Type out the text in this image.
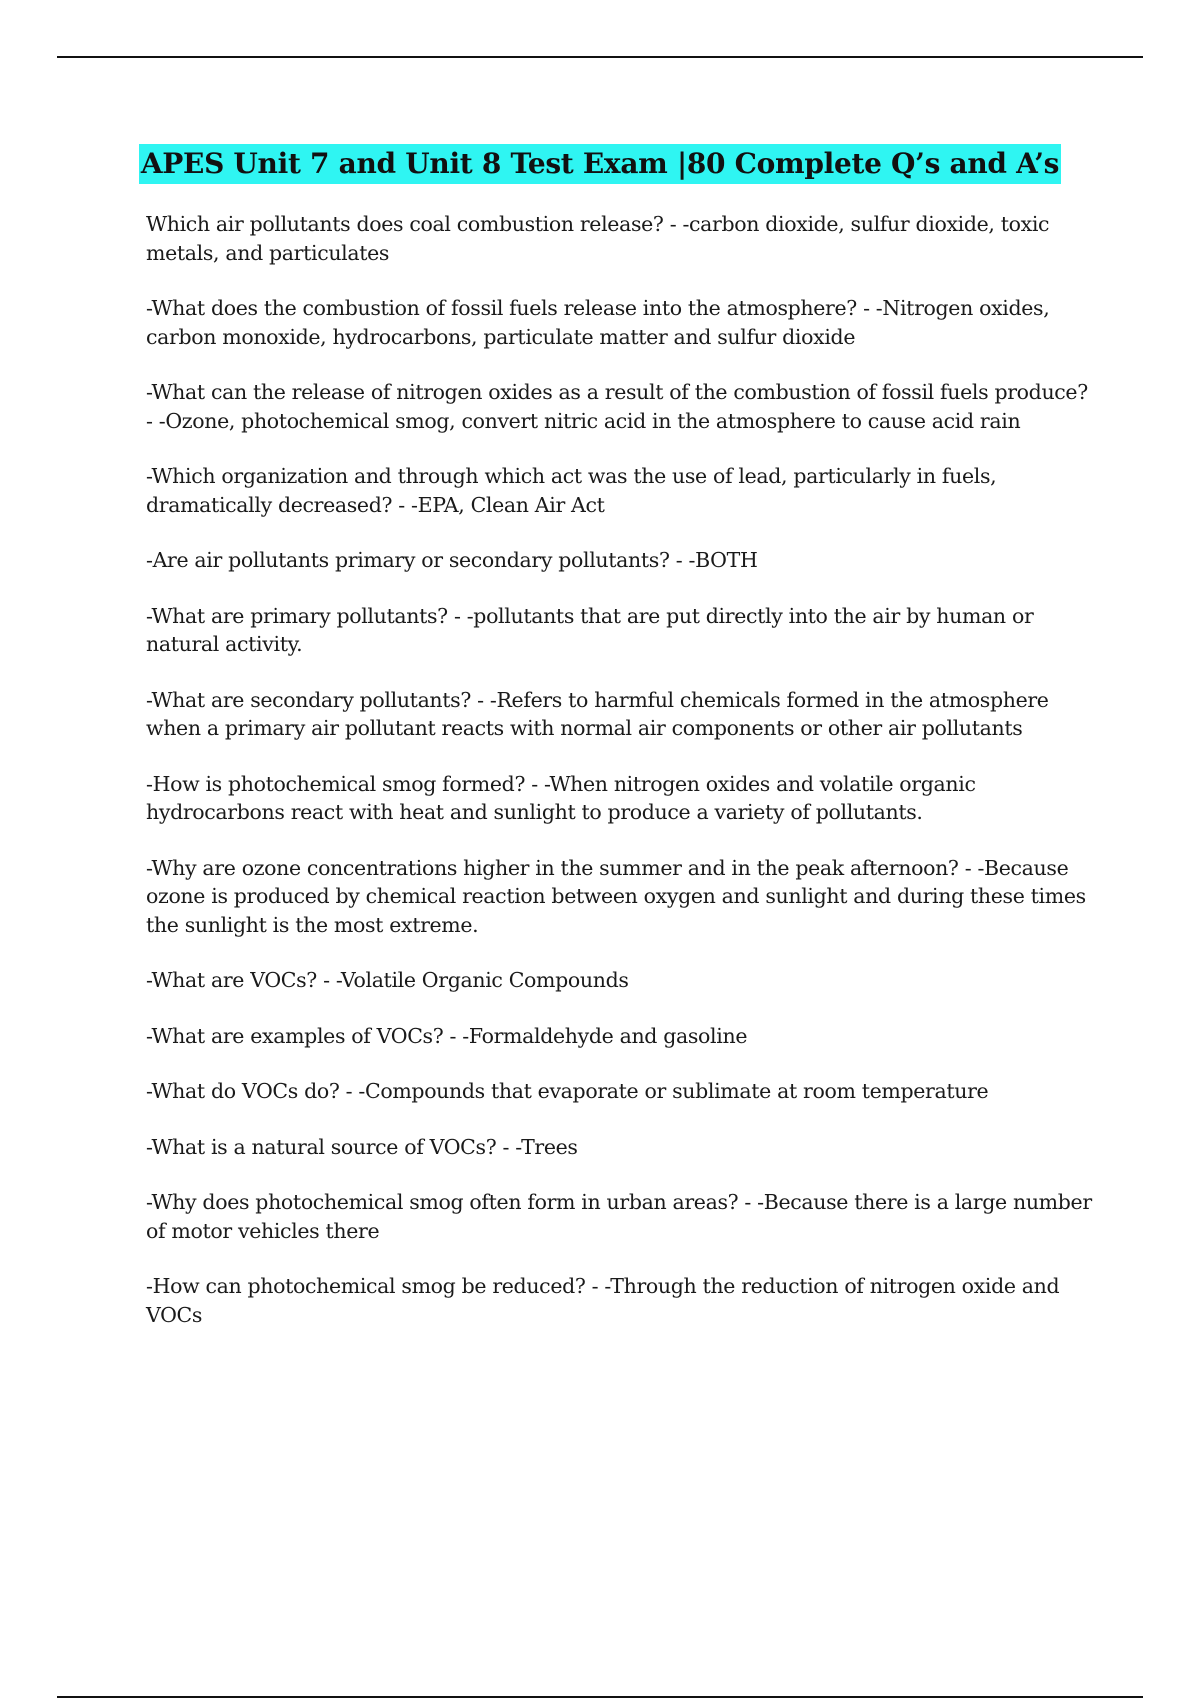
APES Unit 7 and Unit 8 Test Exam |80 Complete Q’s and A’s
Which air pollutants does coal combustion release? - -carbon dioxide, sulfur dioxide, toxic metals, and particulates
-What does the combustion of fossil fuels release into the atmosphere? - -Nitrogen oxides, carbon monoxide, hydrocarbons, particulate matter and sulfur dioxide
-What can the release of nitrogen oxides as a result of the combustion of fossil fuels produce? - -Ozone, photochemical smog, convert nitric acid in the atmosphere to cause acid rain
-Which organization and through which act was the use of lead, particularly in fuels, dramatically decreased? - -EPA, Clean Air Act
-Are air pollutants primary or secondary pollutants? - -BOTH
-What are primary pollutants? - -pollutants that are put directly into the air by human or natural activity.
-What are secondary pollutants? - -Refers to harmful chemicals formed in the atmosphere when a primary air pollutant reacts with normal air components or other air pollutants
-How is photochemical smog formed? - -When nitrogen oxides and volatile organic hydrocarbons react with heat and sunlight to produce a variety of pollutants.
-Why are ozone concentrations higher in the summer and in the peak afternoon? - -Because ozone is produced by chemical reaction between oxygen and sunlight and during these times the sunlight is the most extreme.
-What are VOCs? - -Volatile Organic Compounds
-What are examples of VOCs? - -Formaldehyde and gasoline
-What do VOCs do? - -Compounds that evaporate or sublimate at room temperature
-What is a natural source of VOCs? - -Trees
-Why does photochemical smog often form in urban areas? - -Because there is a large number of motor vehicles there
-How can photochemical smog be reduced? - -Through the reduction of nitrogen oxide and VOCs
